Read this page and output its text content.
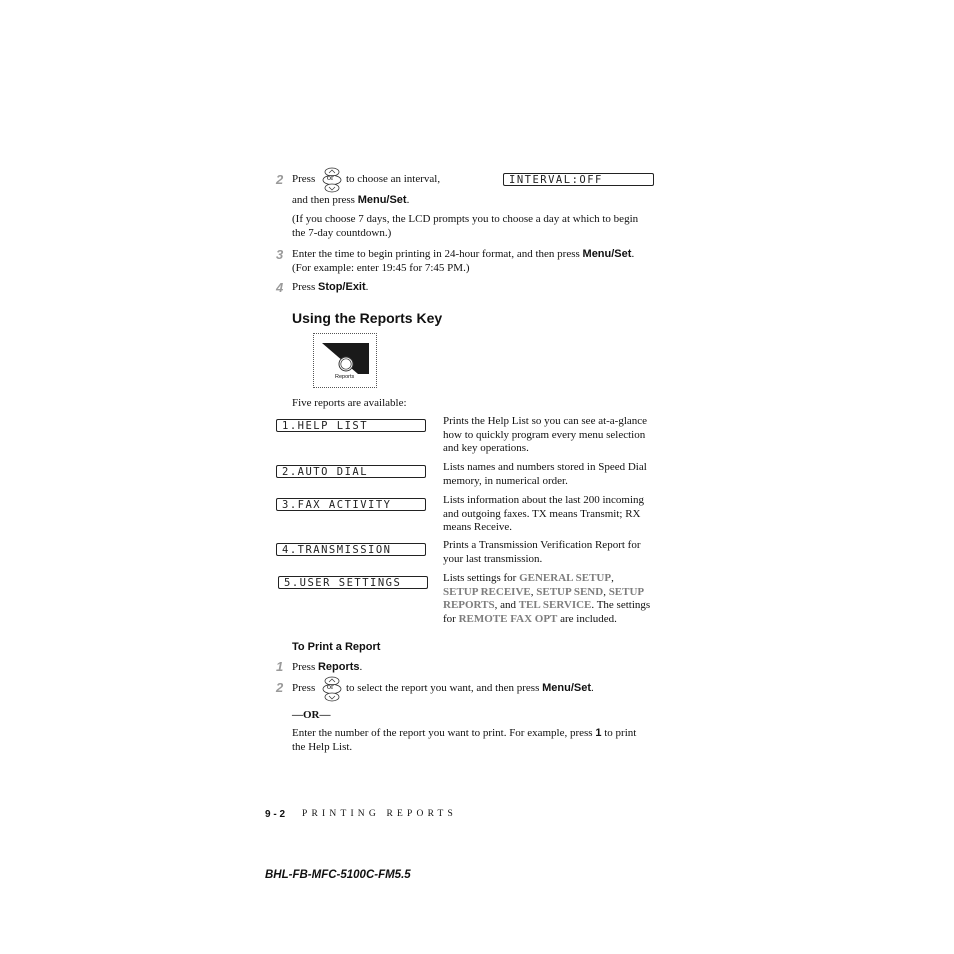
2 Press or to choose an interval,	INTERVAL:OFF
and then press Menu/Set.
(If you choose 7 days, the LCD prompts you to choose a day at which to begin
the 7-day countdown.)
3 Enter the time to begin printing in 24-hour format, and then press Menu/Set.
(For example: enter 19:45 for 7:45 PM.)
4 Press Stop/Exit.
Using the Reports Key
Reports
Five reports are available:
1.HELP LIST	Prints the Help List so you can see at-a-glance
how to quickly program every menu selection
and key operations.
2.AUTO DIAL	Lists names and numbers stored in Speed Dial
memory, in numerical order.
3.FAX ACTIVITY	Lists information about the last 200 incoming
and outgoing faxes. TX means Transmit; RX
means Receive.
4.TRANSMISSION	Prints a Transmission Verification Report for
your last transmission.
5.USER SETTINGS	Lists settings for GENERAL SETUP,
SETUP RECEIVE, SETUP SEND, SETUP
REPORTS, and TEL SERVICE. The settings
for REMOTE FAX OPT are included.
To Print a Report
1 Press Reports.
2 Press or to select the report you want, and then press Menu/Set.
—OR—
Enter the number of the report you want to print. For example, press 1 to print
the Help List.
9 - 2 PRINTING REPORTS
BHL-FB-MFC-5100C-FM5.5
